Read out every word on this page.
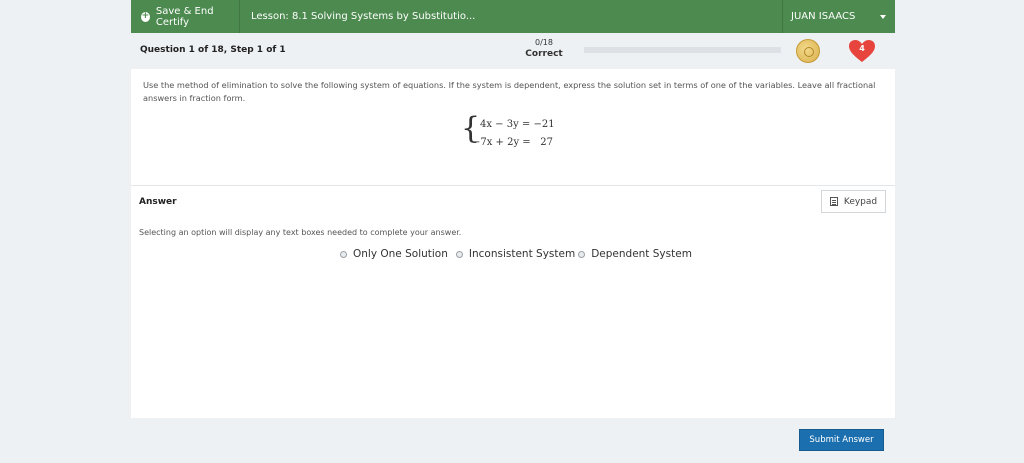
+ Save & End Certify	Lesson: 8.1 Solving Systems by Substitutio...	JUAN ISAACS
Question 1 of 18, Step 1 of 1
0/18
Correct
4
Use the method of elimination to solve the following system of equations. If the system is dependent, express the solution set in terms of one of the variables. Leave all fractional answers in fraction form.
{ 4x − 3y = −21
−7x + 2y =   27
Answer	Keypad
Selecting an option will display any text boxes needed to complete your answer.
Only One Solution Inconsistent System Dependent System
Submit Answer
